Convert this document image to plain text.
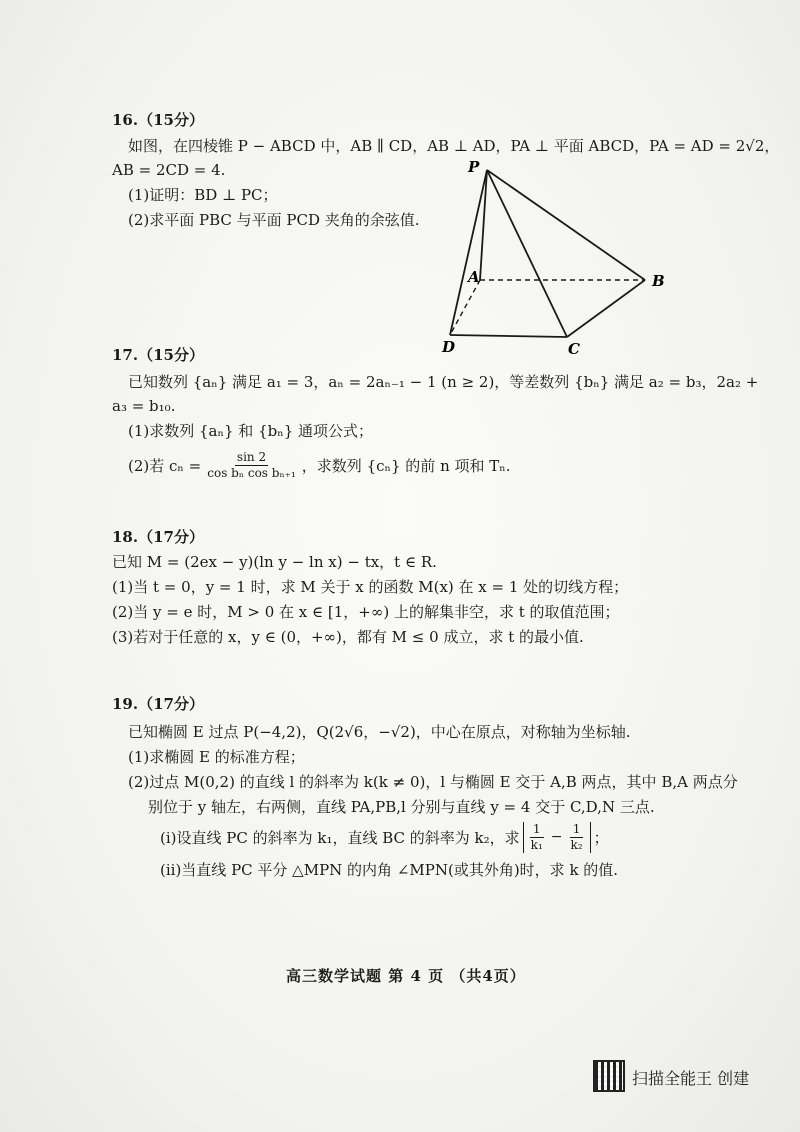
16.（15分）
如图，在四棱锥 P − ABCD 中，AB ∥ CD，AB ⊥ AD，PA ⊥ 平面 ABCD，PA = AD = 2√2，
AB = 2CD = 4.
(1)证明：BD ⊥ PC；
(2)求平面 PBC 与平面 PCD 夹角的余弦值.
P
A	B
C
D
17.（15分）
已知数列 {aₙ} 满足 a₁ = 3，aₙ = 2aₙ₋₁ − 1 (n ≥ 2)，等差数列 {bₙ} 满足 a₂ = b₃，2a₂ +
a₃ = b₁₀.
(1)求数列 {aₙ} 和 {bₙ} 通项公式；
(2)若 $c_n = \frac{\sin 2}{\text{cos bₙ cos bₙ₊₁}}$ ，求数列 {cₙ} 的前 n 项和 Tₙ.
18.（17分）
已知 M = (2ex − y)(ln y − ln x) − tx，t ∈ R.
(1)当 t = 0，y = 1 时，求 M 关于 x 的函数 M(x) 在 x = 1 处的切线方程；
(2)当 y = e 时，M > 0 在 x ∈ [1，+∞) 上的解集非空，求 t 的取值范围；
(3)若对于任意的 x，y ∈ (0，+∞)，都有 M ≤ 0 成立，求 t 的最小值.
19.（17分）
已知椭圆 E 过点 P(−4,2)，Q(2√6，−√2)，中心在原点，对称轴为坐标轴.
(1)求椭圆 E 的标准方程；
(2)过点 M(0,2) 的直线 l 的斜率为 k(k ≠ 0)，l 与椭圆 E 交于 A,B 两点，其中 B,A 两点分
别位于 y 轴左，右两侧，直线 PA,PB,l 分别与直线 y = 4 交于 C,D,N 三点.
(i)设直线 PC 的斜率为 k₁，直线 BC 的斜率为 k₂，求 $\frac{1}{\text{k₁}} - \frac{1}{\text{k₂}}$ ；
(ii)当直线 PC 平分 △MPN 的内角 ∠MPN(或其外角)时，求 k 的值.
高三数学试题 第 4 页 （共4页）
扫描全能王 创建
